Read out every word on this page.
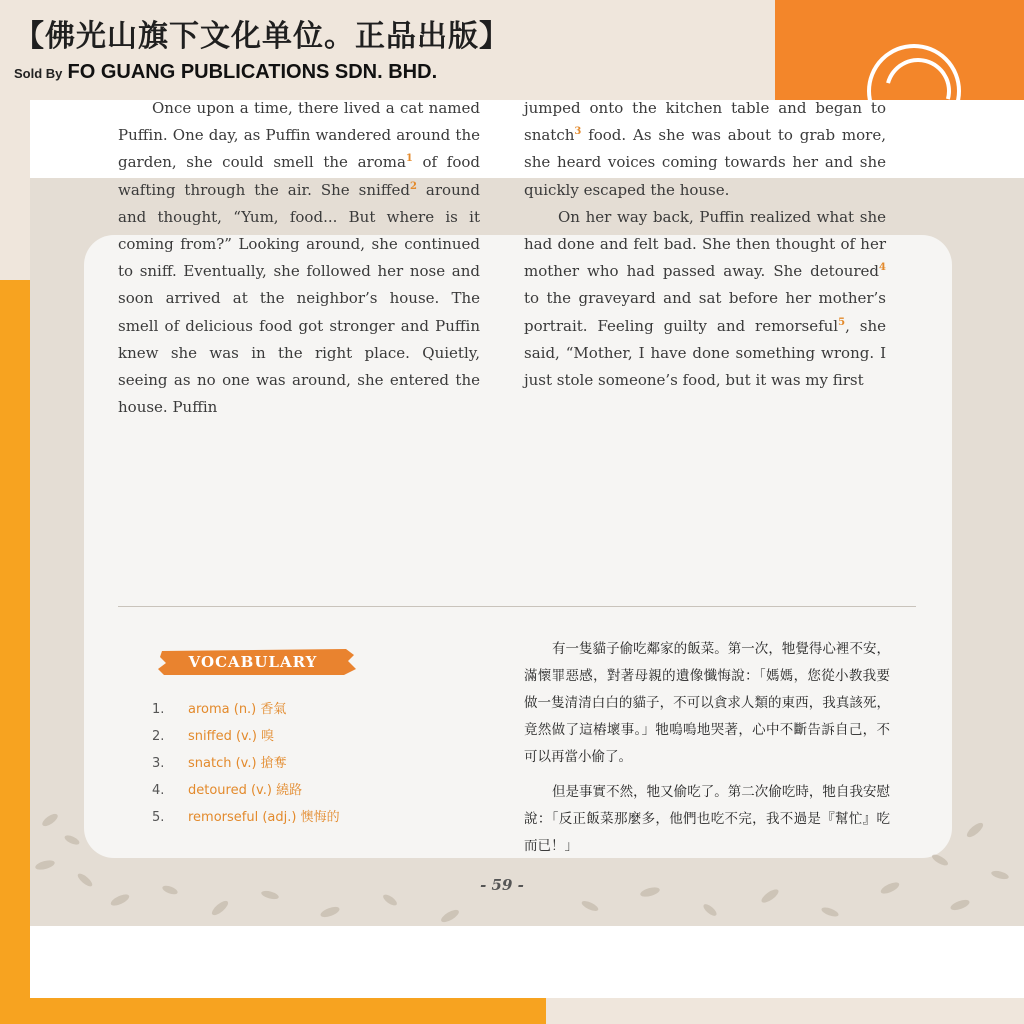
【佛光山旗下文化单位。正品出版】
Sold By FO GUANG PUBLICATIONS SDN. BHD.

Once upon a time, there lived a cat named Puffin. One day, as Puffin wandered around the garden, she could smell the aroma$^1$ of food wafting through the air. She sniffed$^2$ around and thought, “Yum, food... But where is it coming from?” Looking around, she continued to sniff. Eventually, she followed her nose and soon arrived at the neighbor’s house. The smell of delicious food got stronger and Puffin knew she was in the right place. Quietly, seeing as no one was around, she entered the house. Puffin

jumped onto the kitchen table and began to snatch$^3$ food. As she was about to grab more, she heard voices coming towards her and she quickly escaped the house.

On her way back, Puffin realized what she had done and felt bad. She then thought of her mother who had passed away. She detoured$^4$ to the graveyard and sat before her mother’s portrait. Feeling guilty and remorseful$^5$, she said, “Mother, I have done something wrong. I just stole someone’s food, but it was my first

VOCABULARY
1. aroma (n.) 香氣
2. sniffed (v.) 嗅
3. snatch (v.) 搶奪
4. detoured (v.) 繞路
5. remorseful (adj.) 懊悔的

有一隻貓子偷吃鄰家的飯菜。第一次，牠覺得心裡不安，滿懷罪惡感，對著母親的遺像懺悔說：「媽媽，您從小教我要做一隻清清白白的貓子，不可以貪求人類的東西，我真該死，竟然做了這樁壞事。」牠嗚嗚地哭著，心中不斷告訴自己，不可以再當小偷了。

但是事實不然，牠又偷吃了。第二次偷吃時，牠自我安慰說：「反正飯菜那麼多，他們也吃不完，我不過是『幫忙』吃而已！」

- 59 -
